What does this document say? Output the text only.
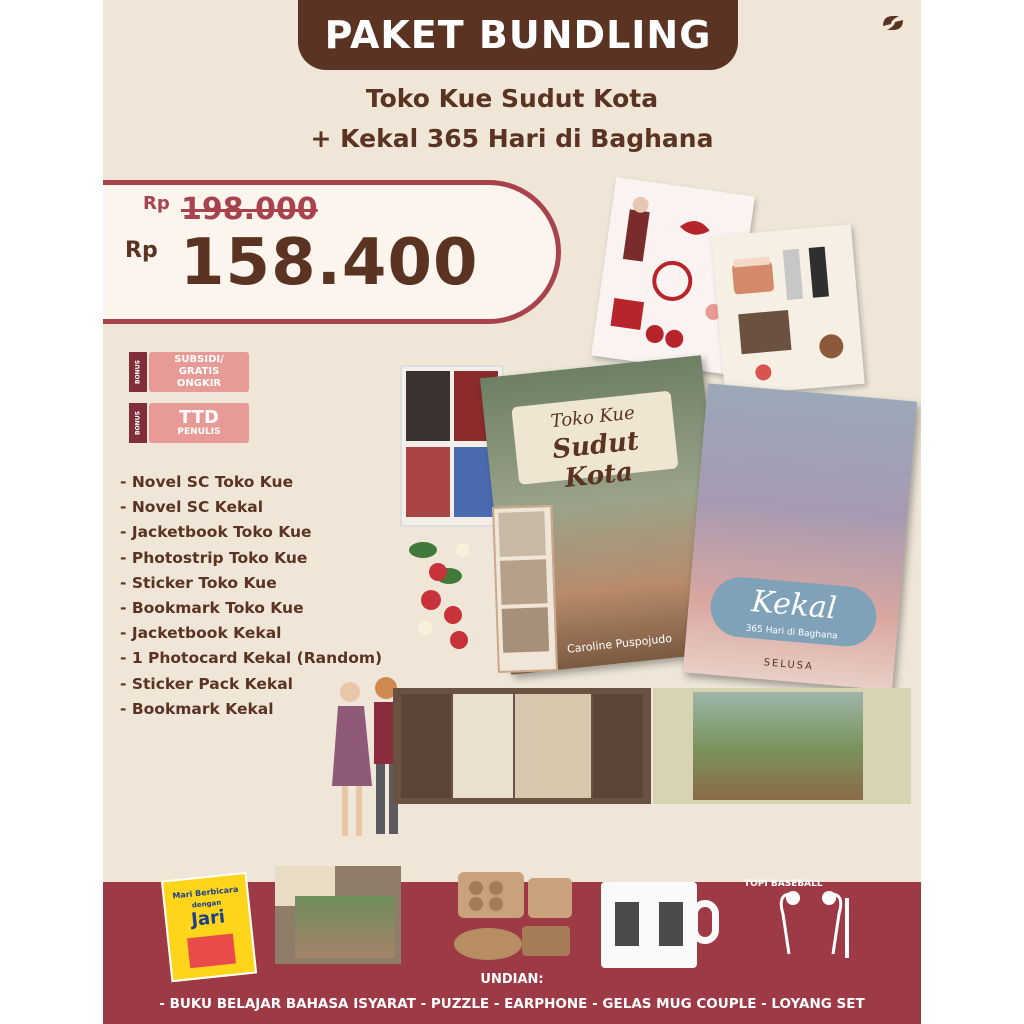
PAKET BUNDLING
Toko Kue Sudut Kota
+ Kekal 365 Hari di Baghana
Rp 198.000
Rp 158.400
BONUS
SUBSIDI/ GRATIS ONGKIR
BONUS	TTD
PENULIS
- Novel SC Toko Kue
- Novel SC Kekal
- Jacketbook Toko Kue
- Photostrip Toko Kue
- Sticker Toko Kue
- Bookmark Toko Kue
- Jacketbook Kekal
- 1 Photocard Kekal (Random)
- Sticker Pack Kekal
- Bookmark Kekal
Toko Kue
Sudut Kota
Caroline Puspojudo
Kekal
365 Hari di Baghana
SELUSA
Mari Berbicara
dengan
Jari
TOPI BASEBALL
UNDIAN:
- BUKU BELAJAR BAHASA ISYARAT - PUZZLE - EARPHONE - GELAS MUG COUPLE - LOYANG SET
